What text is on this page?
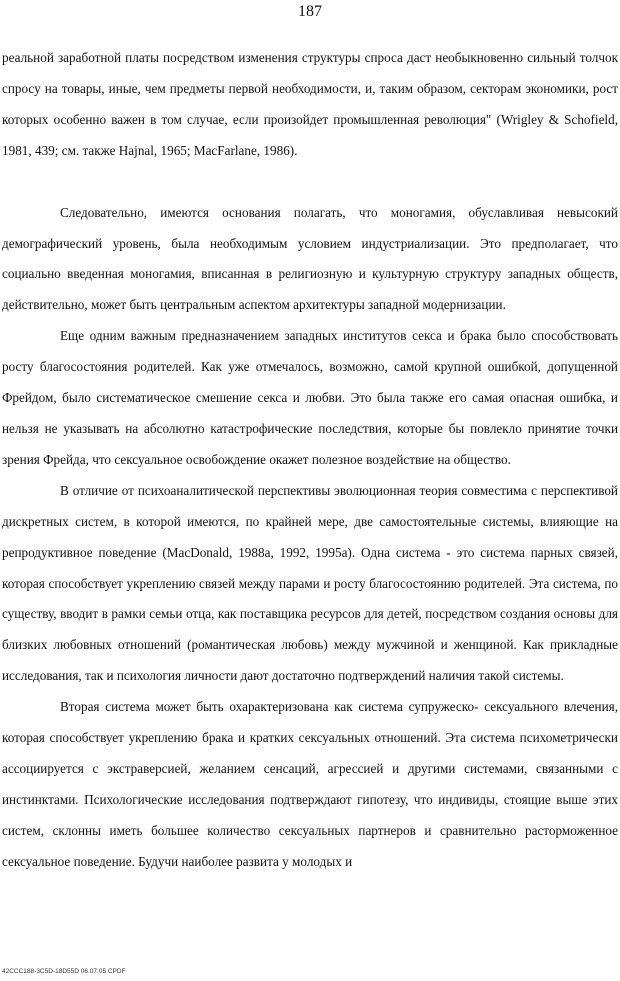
187

реальной заработной платы посредством изменения структуры спроса даст необыкновенно сильный толчок спросу на товары, иные, чем предметы первой необходимости, и, таким образом, секторам экономики, рост которых особенно важен в том случае, если произойдет промышленная революция" (Wrigley & Schofield, 1981, 439; см. также Hajnal, 1965; MacFarlane, 1986).

Следовательно, имеются основания полагать, что моногамия, обуславливая невысокий демографический уровень, была необходимым условием индустриализации. Это предполагает, что социально введенная моногамия, вписанная в религиозную и культурную структуру западных обществ, действительно, может быть центральным аспектом архитектуры западной модернизации.

Еще одним важным предназначением западных институтов секса и брака было способствовать росту благосостояния родителей. Как уже отмечалось, возможно, самой крупной ошибкой, допущенной Фрейдом, было систематическое смешение секса и любви. Это была также его самая опасная ошибка, и нельзя не указывать на абсолютно катастрофические последствия, которые бы повлекло принятие точки зрения Фрейда, что сексуальное освобождение окажет полезное воздействие на общество.

В отличие от психоаналитической перспективы эволюционная теория совместима с перспективой дискретных систем, в которой имеются, по крайней мере, две самостоятельные системы, влияющие на репродуктивное поведение (MacDonald, 1988a, 1992, 1995a). Одна система - это система парных связей, которая способствует укреплению связей между парами и росту благосостоянию родителей. Эта система, по существу, вводит в рамки семьи отца, как поставщика ресурсов для детей, посредством создания основы для близких любовных отношений (романтическая любовь) между мужчиной и женщиной. Как прикладные исследования, так и психология личности дают достаточно подтверждений наличия такой системы.

Вторая система может быть охарактеризована как система супружеско- сексуального влечения, которая способствует укреплению брака и кратких сексуальных отношений. Эта система психометрически ассоциируется с экстраверсией, желанием сенсаций, агрессией и другими системами, связанными с инстинктами. Психологические исследования подтверждают гипотезу, что индивиды, стоящие выше этих систем, склонны иметь большее количество сексуальных партнеров и сравнительно расторможенное сексуальное поведение. Будучи наиболее развита у молодых и

42CCC188-3C5D-18D55D 06.07.05 CPDF
